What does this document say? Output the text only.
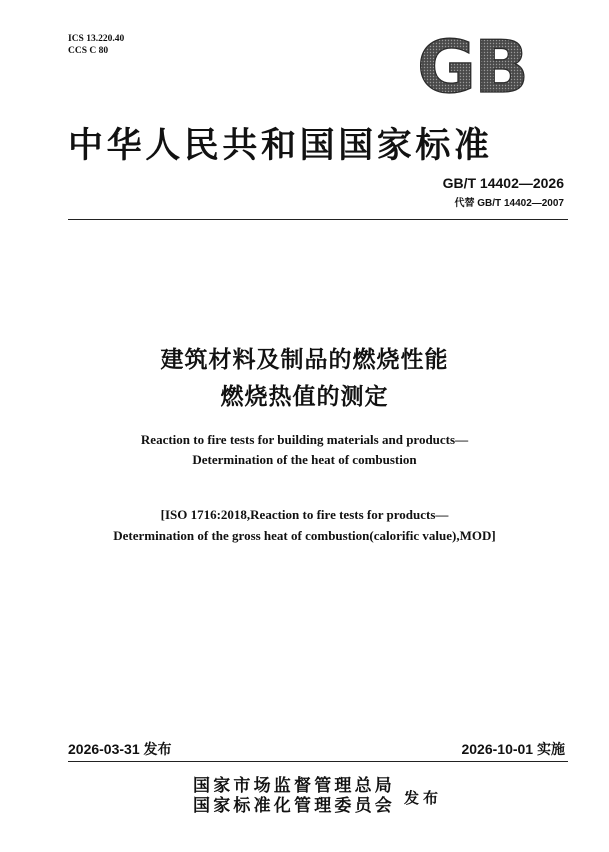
ICS 13.220.40
CCS C 80	GB
中华人民共和国国家标准
GB/T 14402—2026
代替 GB/T 14402—2007
建筑材料及制品的燃烧性能
燃烧热值的测定
Reaction to fire tests for building materials and products—
Determination of the heat of combustion
[ISO 1716:2018,Reaction to fire tests for products—
Determination of the gross heat of combustion(calorific value),MOD]
2026-03-31 发布	2026-10-01 实施
国家市场监督管理总局
国家标准化管理委员会 发布
